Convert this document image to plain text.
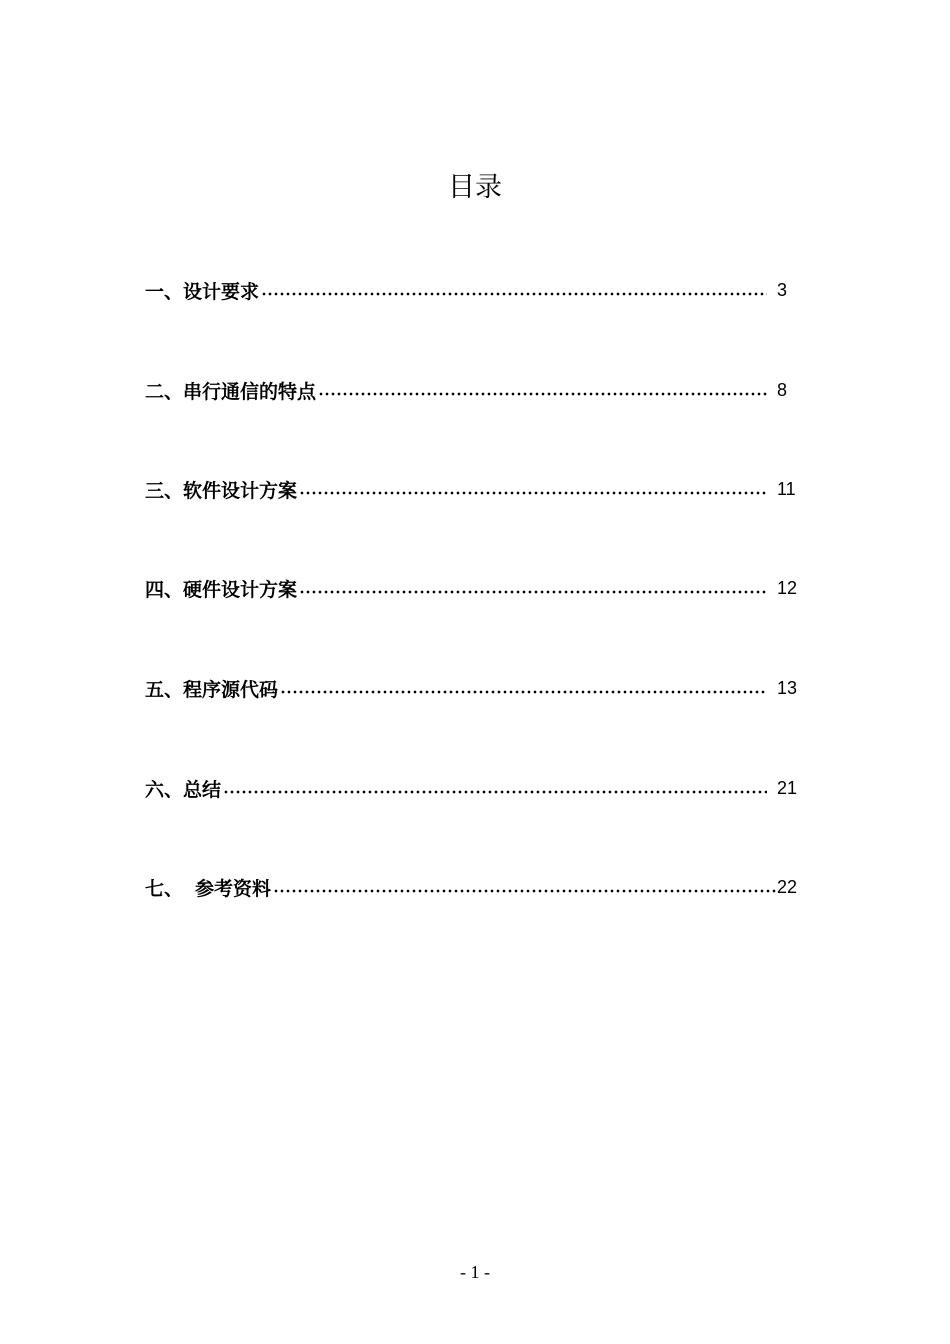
目录
一、 设计要求	3
二、 串行通信的特点	8
三、 软件设计方案	11
四、 硬件设计方案	12
五、 程序源代码	13
六、 总结	21
七、 参考资料	22
- 1 -
